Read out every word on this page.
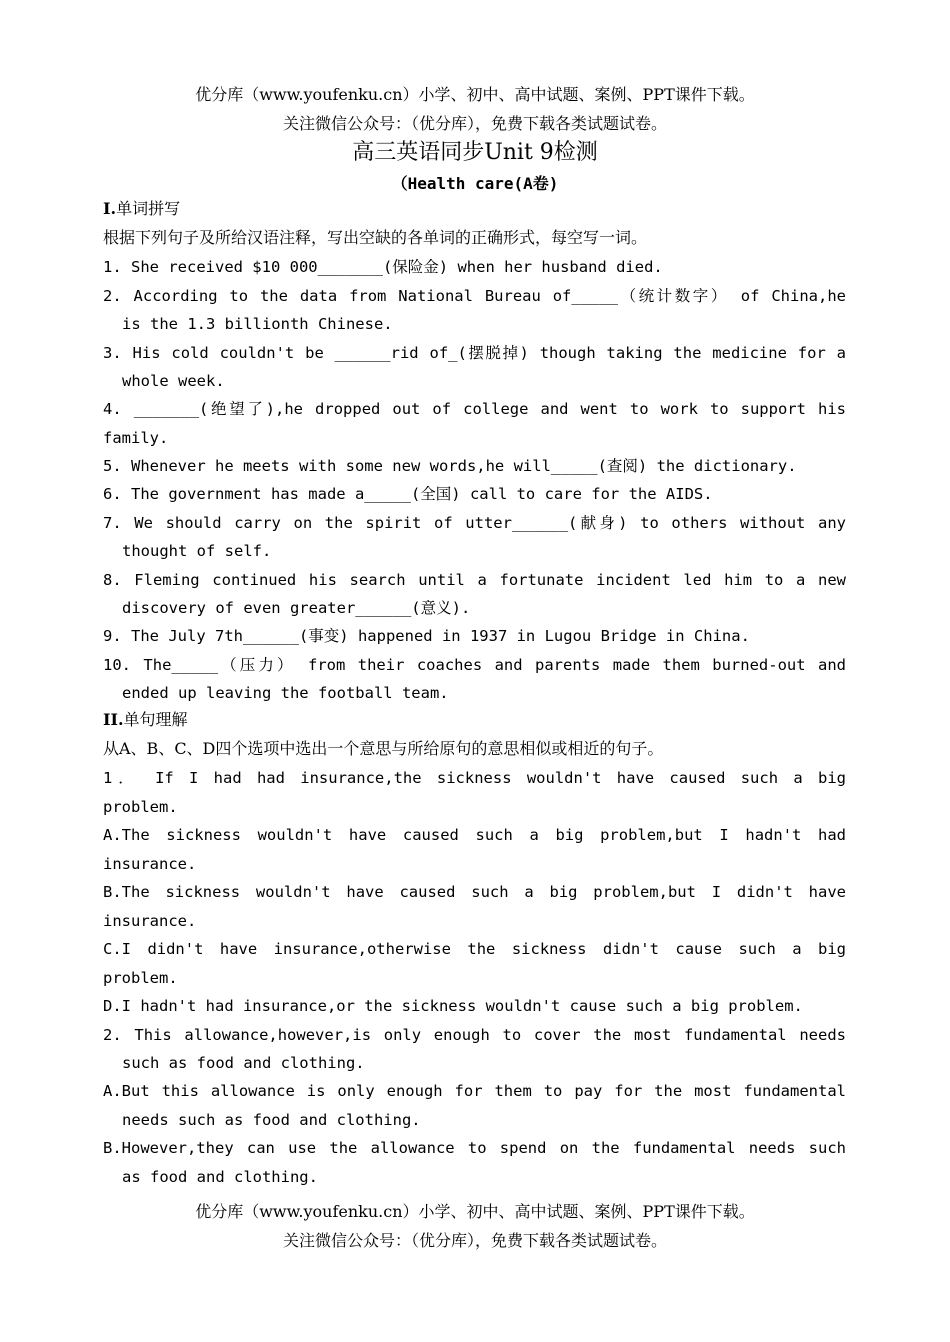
优分库（www.youfenku.cn）小学、初中、高中试题、案例、PPT课件下载。
关注微信公众号：（优分库），免费下载各类试题试卷。
高三英语同步Unit 9检测
（Health care(A卷)
I.单词拼写
根据下列句子及所给汉语注释，写出空缺的各单词的正确形式，每空写一词。
1. She received $10 000_______(保险金) when her husband died.
2. According to the data from National Bureau of_____（统计数字） of China,he
is the 1.3 billionth Chinese.
3. His cold couldn't be ______rid of_(摆脱掉) though taking the medicine for a
whole week.
4. _______(绝望了),he dropped out of college and went to work to support his
family.
5. Whenever he meets with some new words,he will_____(查阅) the dictionary.
6. The government has made a_____(全国) call to care for the AIDS.
7. We should carry on the spirit of utter______(献身) to others without any
thought of self.
8. Fleming continued his search until a fortunate incident led him to a new
discovery of even greater______(意义).
9. The July 7th______(事变) happened in 1937 in Lugou Bridge in China.
10. The_____（压力） from their coaches and parents made them burned-out and
ended up leaving the football team.
II.单句理解
从A、B、C、D四个选项中选出一个意思与所给原句的意思相似或相近的句子。
1． If I had had insurance,the sickness wouldn't have caused such a big
problem.
A.The sickness wouldn't have caused such a big problem,but I hadn't had
insurance.
B.The sickness wouldn't have caused such a big problem,but I didn't have
insurance.
C.I didn't have insurance,otherwise the sickness didn't cause such a big
problem.
D.I hadn't had insurance,or the sickness wouldn't cause such a big problem.
2. This allowance,however,is only enough to cover the most fundamental needs
such as food and clothing.
A.But this allowance is only enough for them to pay for the most fundamental
needs such as food and clothing.
B.However,they can use the allowance to spend on the fundamental needs such
as food and clothing.
优分库（www.youfenku.cn）小学、初中、高中试题、案例、PPT课件下载。
关注微信公众号：（优分库），免费下载各类试题试卷。
